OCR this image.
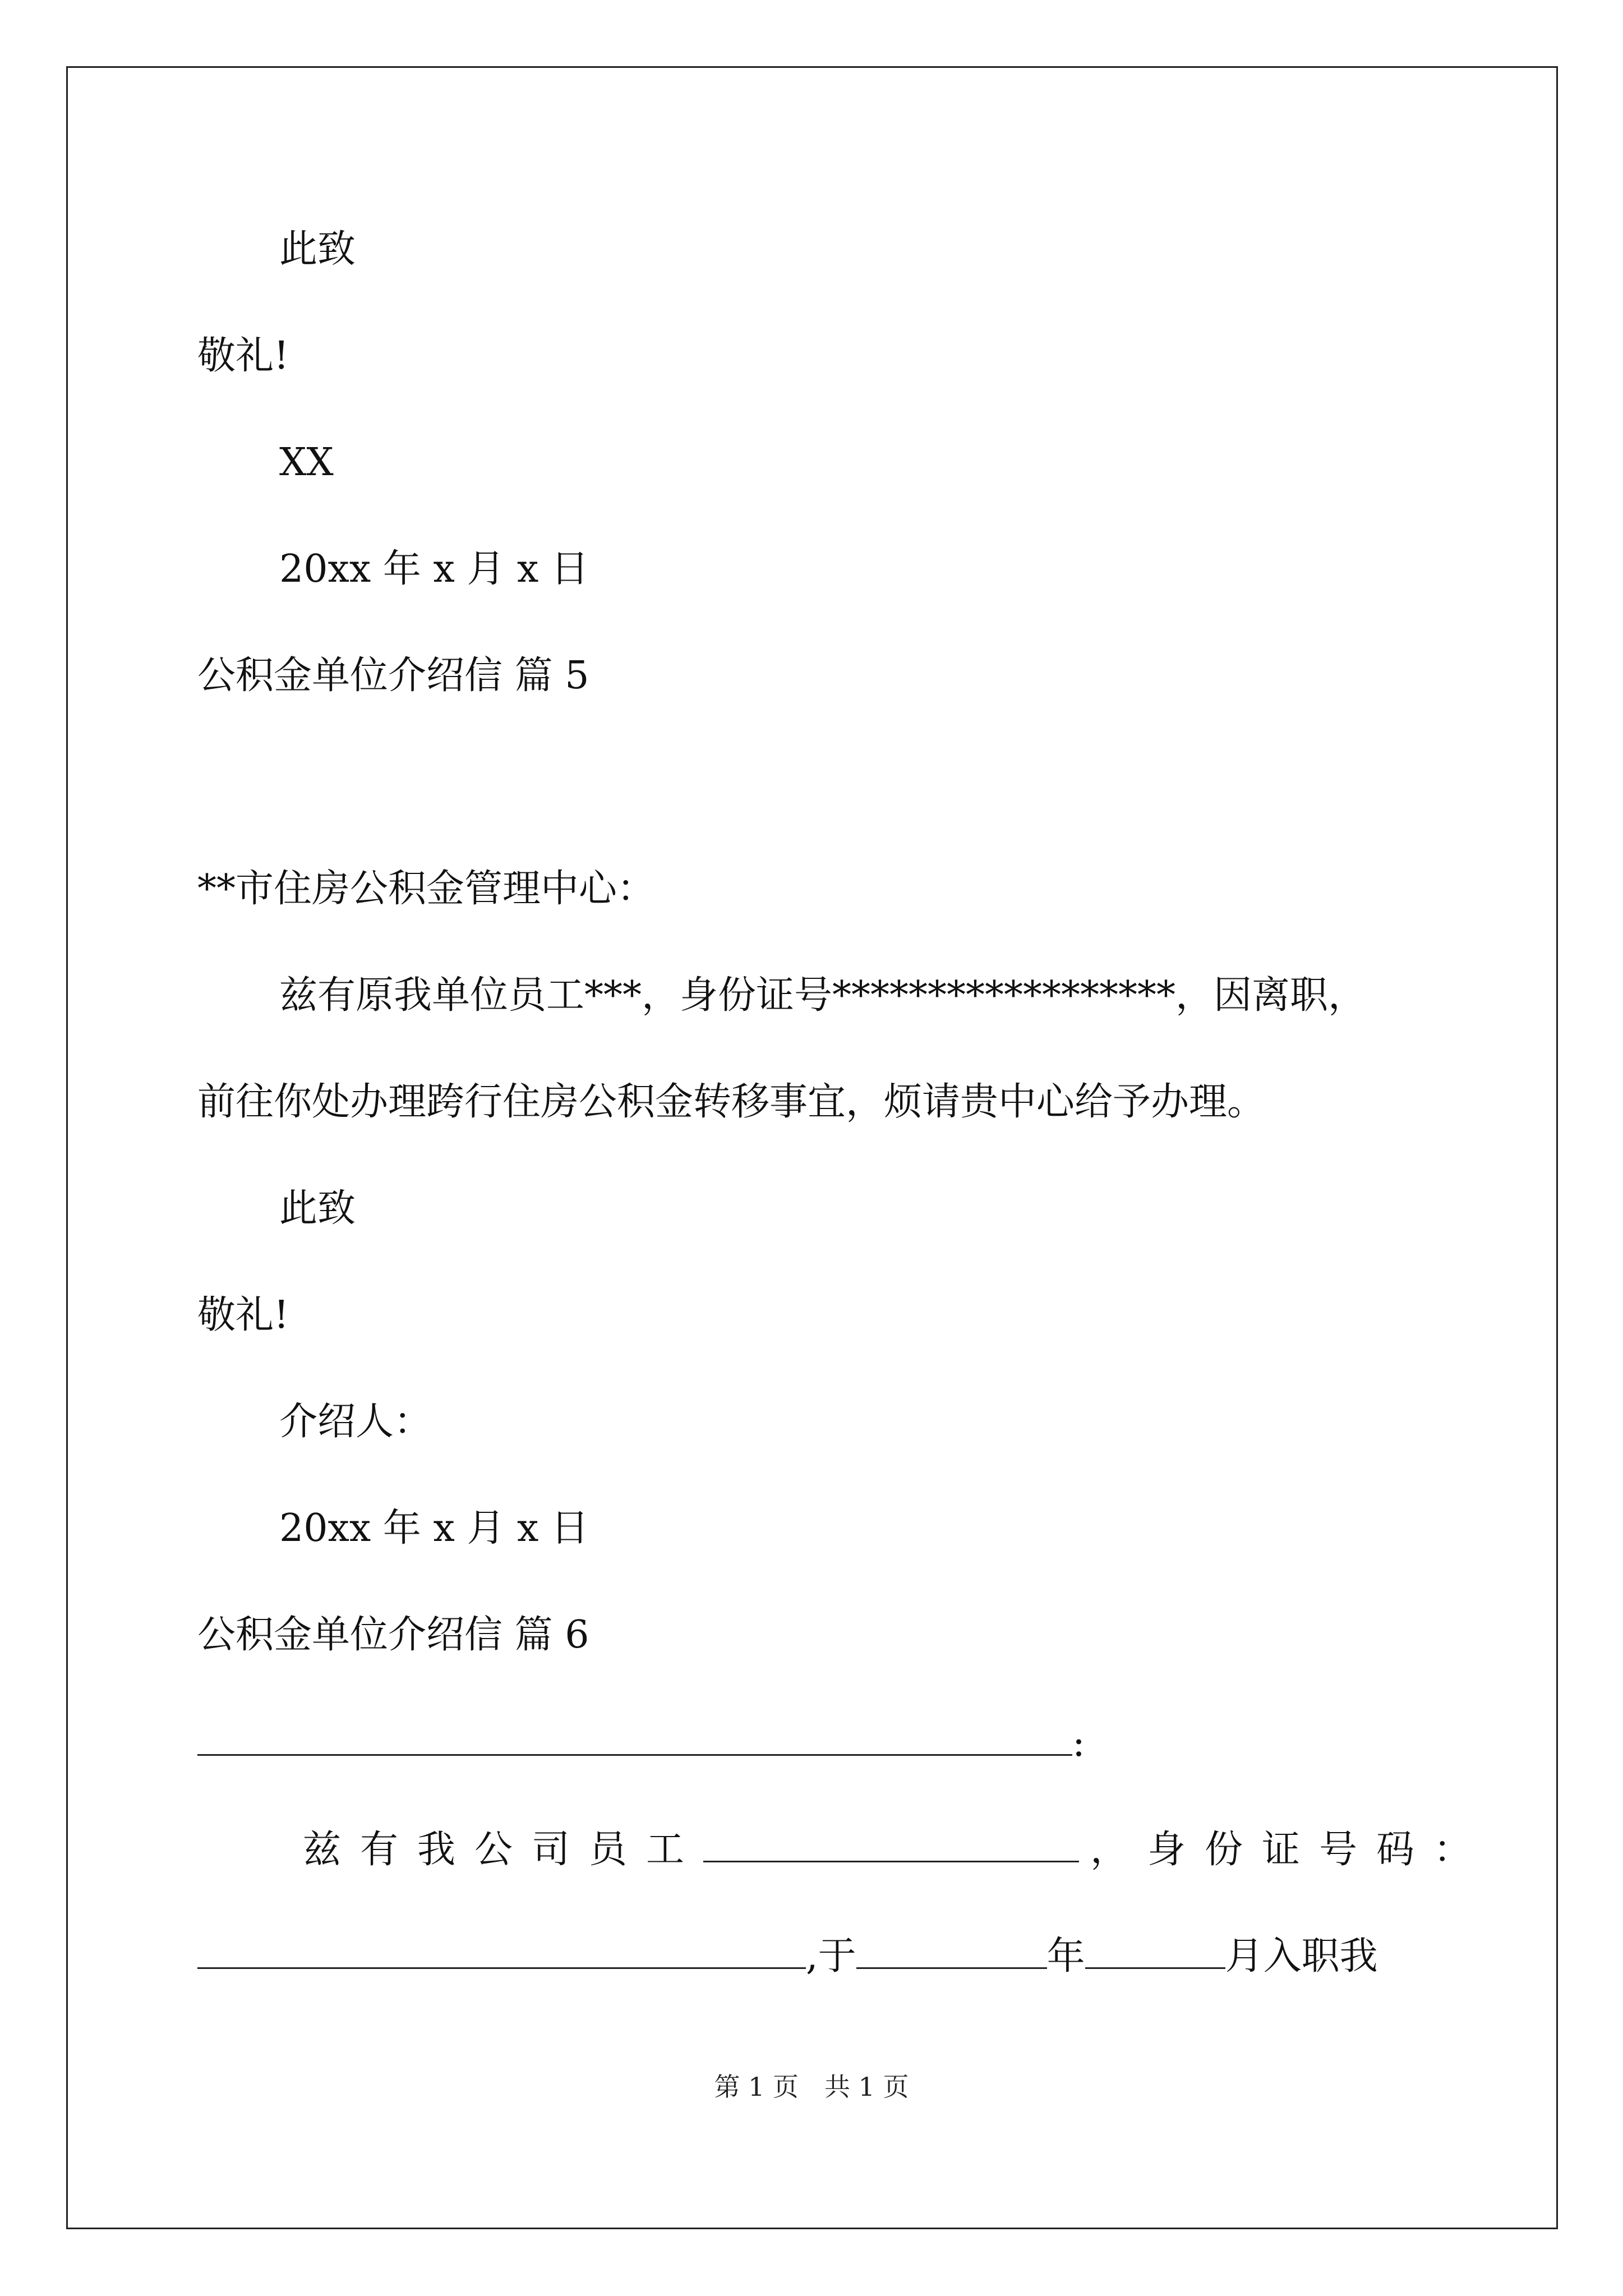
此致
敬礼!
XX
20xx 年 x 月 x 日
公积金单位介绍信 篇 5
**市住房公积金管理中心：
兹有原我单位员工***，身份证号******************，因离职，
前往你处办理跨行住房公积金转移事宜，烦请贵中心给予办理。
此致
敬礼!
介绍人：
20xx 年 x 月 x 日
公积金单位介绍信 篇 6
:
兹有我公司员工	，身份证号码：
,于	年	月入职我
第 1 页　共 1 页
